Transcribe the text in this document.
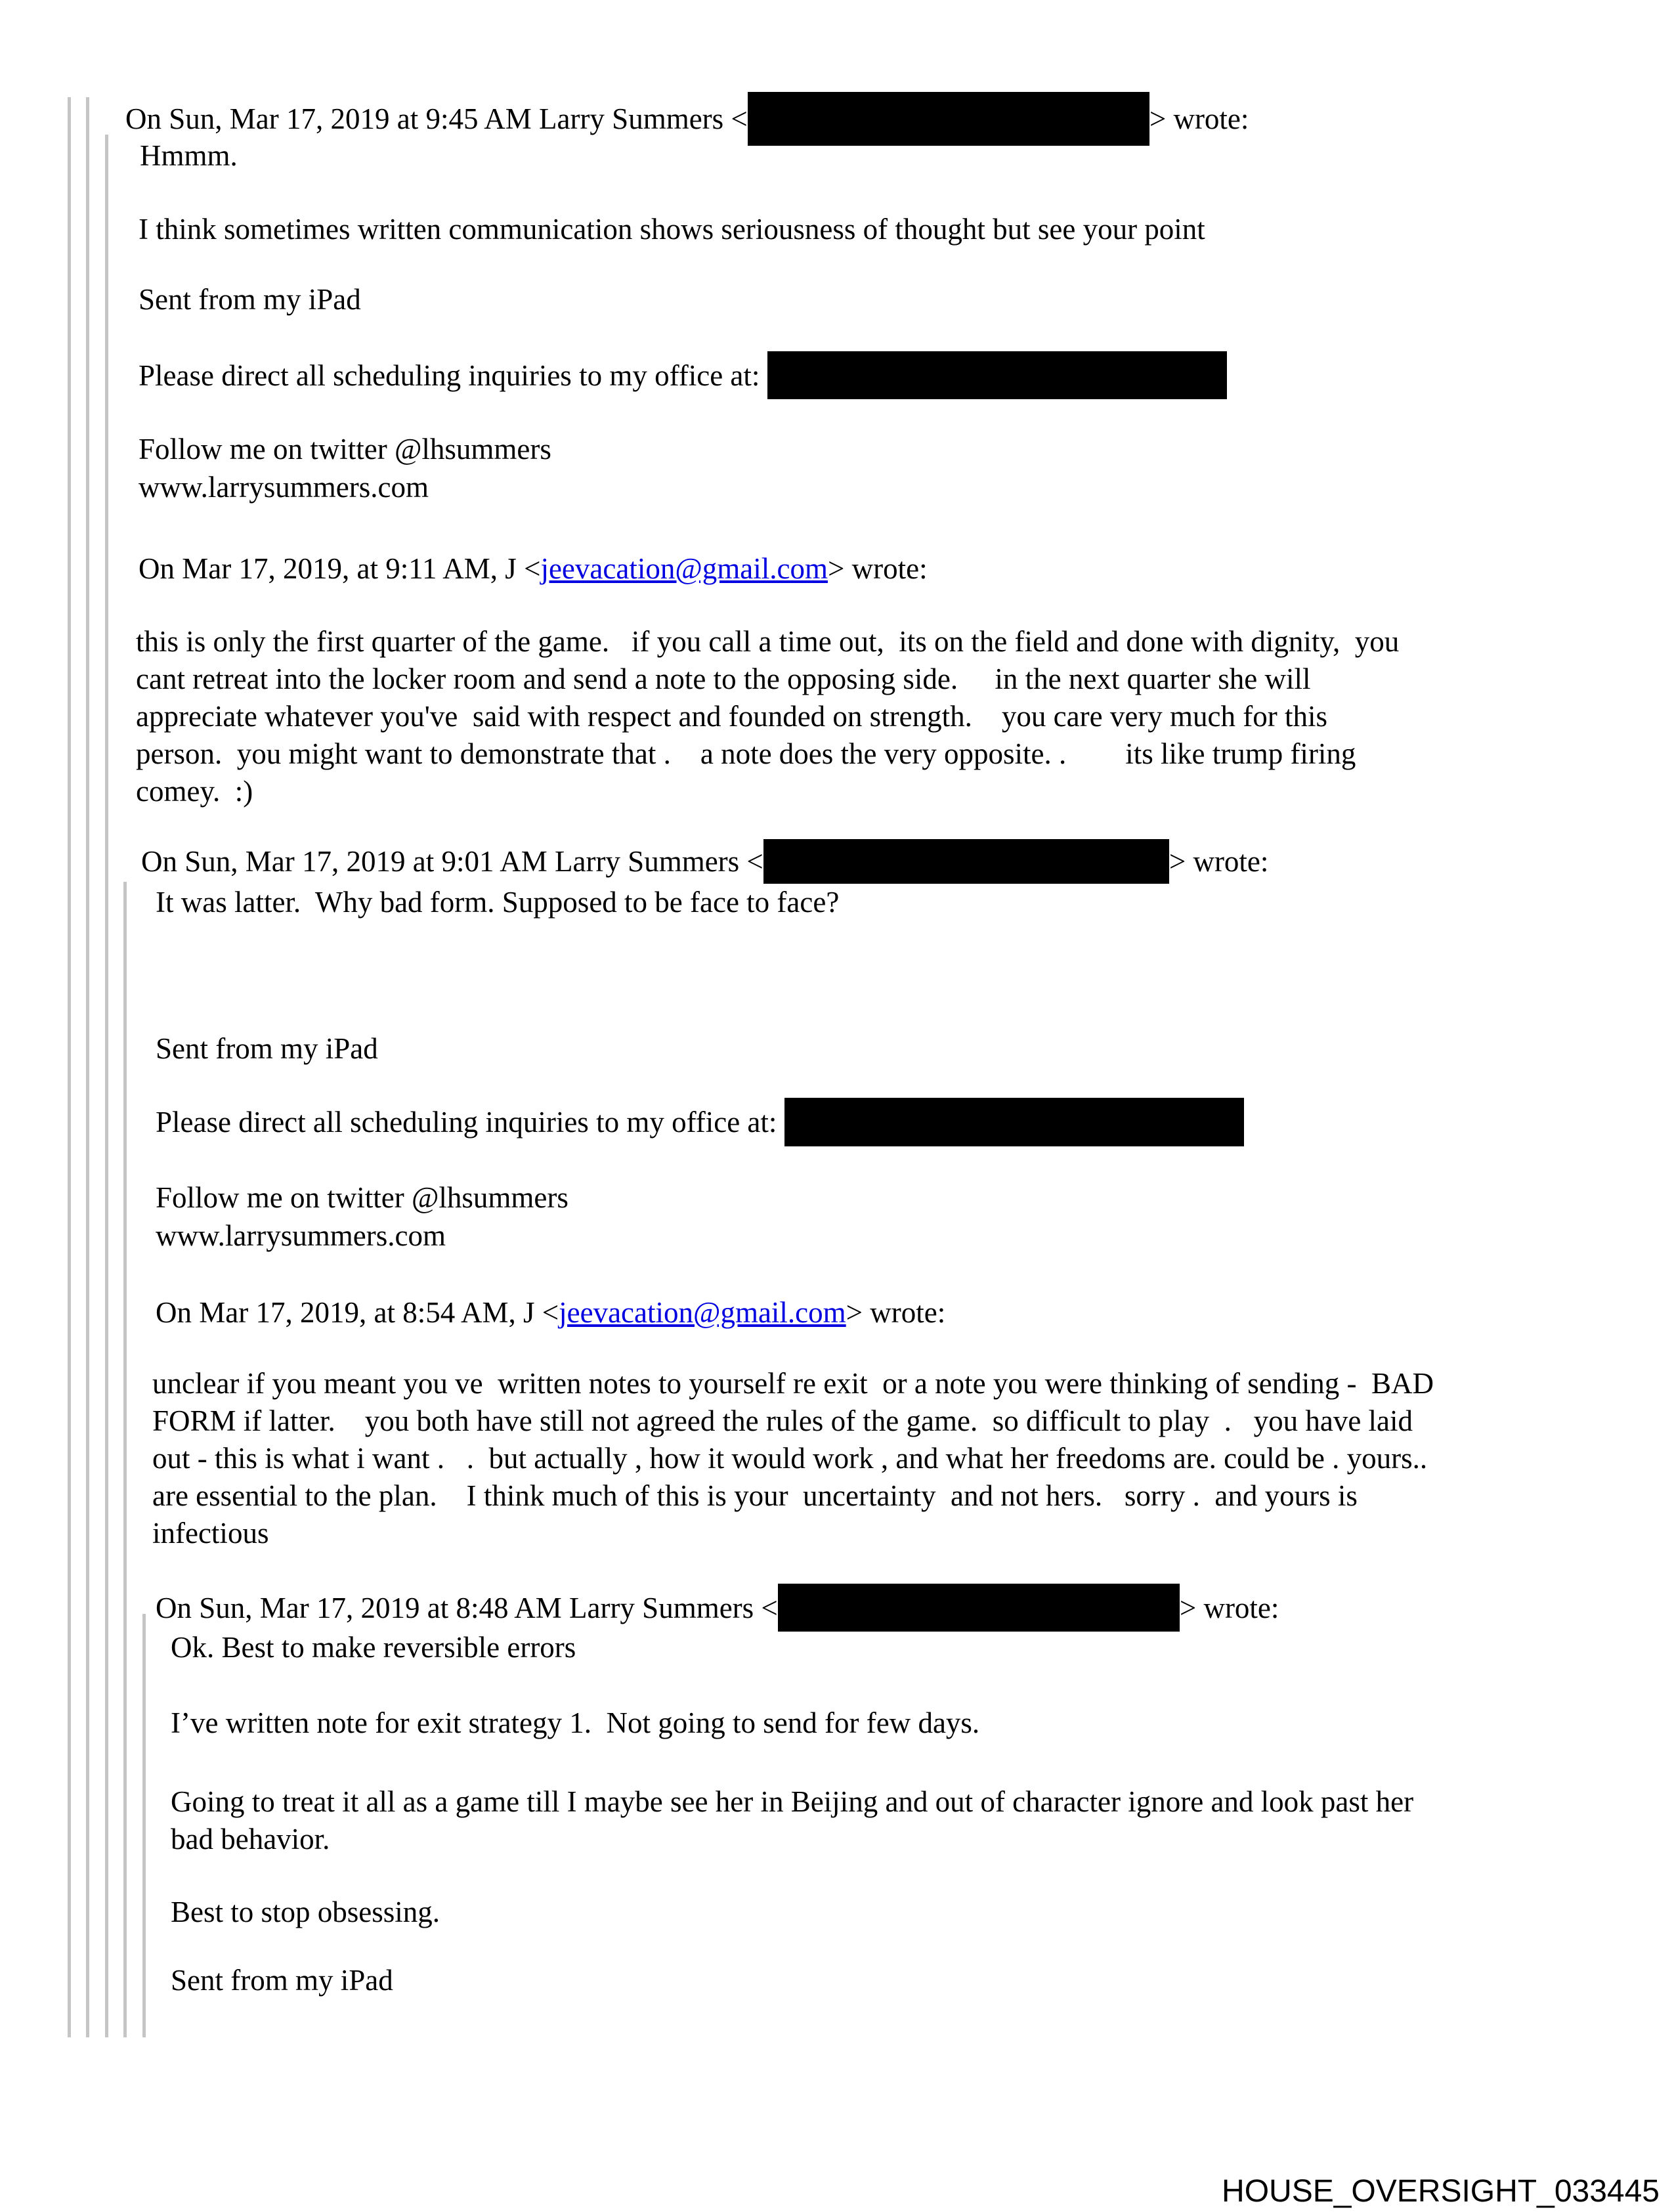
On Sun, Mar 17, 2019 at 9:45 AM Larry Summers <	> wrote:
Hmmm.
I think sometimes written communication shows seriousness of thought but see your point
Sent from my iPad
Please direct all scheduling inquiries to my office at:
Follow me on twitter @lhsummers
www.larrysummers.com
On Mar 17, 2019, at 9:11 AM, J <jeevacation@gmail.com> wrote:
this is only the first quarter of the game.   if you call a time out,  its on the field and done with dignity,  you
cant retreat into the locker room and send a note to the opposing side.     in the next quarter she will
appreciate whatever you've  said with respect and founded on strength.    you care very much for this
person.  you might want to demonstrate that .    a note does the very opposite. .        its like trump firing
comey.  :)
On Sun, Mar 17, 2019 at 9:01 AM Larry Summers <	> wrote:
It was latter.  Why bad form. Supposed to be face to face?
Sent from my iPad
Please direct all scheduling inquiries to my office at:
Follow me on twitter @lhsummers
www.larrysummers.com
On Mar 17, 2019, at 8:54 AM, J <jeevacation@gmail.com> wrote:
unclear if you meant you ve  written notes to yourself re exit  or a note you were thinking of sending -  BAD
FORM if latter.    you both have still not agreed the rules of the game.  so difficult to play  .   you have laid
out - this is what i want .   .  but actually , how it would work , and what her freedoms are. could be . yours..
are essential to the plan.    I think much of this is your  uncertainty  and not hers.   sorry .  and yours is
infectious
On Sun, Mar 17, 2019 at 8:48 AM Larry Summers <	> wrote:
Ok. Best to make reversible errors
I’ve written note for exit strategy 1.  Not going to send for few days.
Going to treat it all as a game till I maybe see her in Beijing and out of character ignore and look past her
bad behavior.
Best to stop obsessing.
Sent from my iPad
HOUSE_OVERSIGHT_033445
